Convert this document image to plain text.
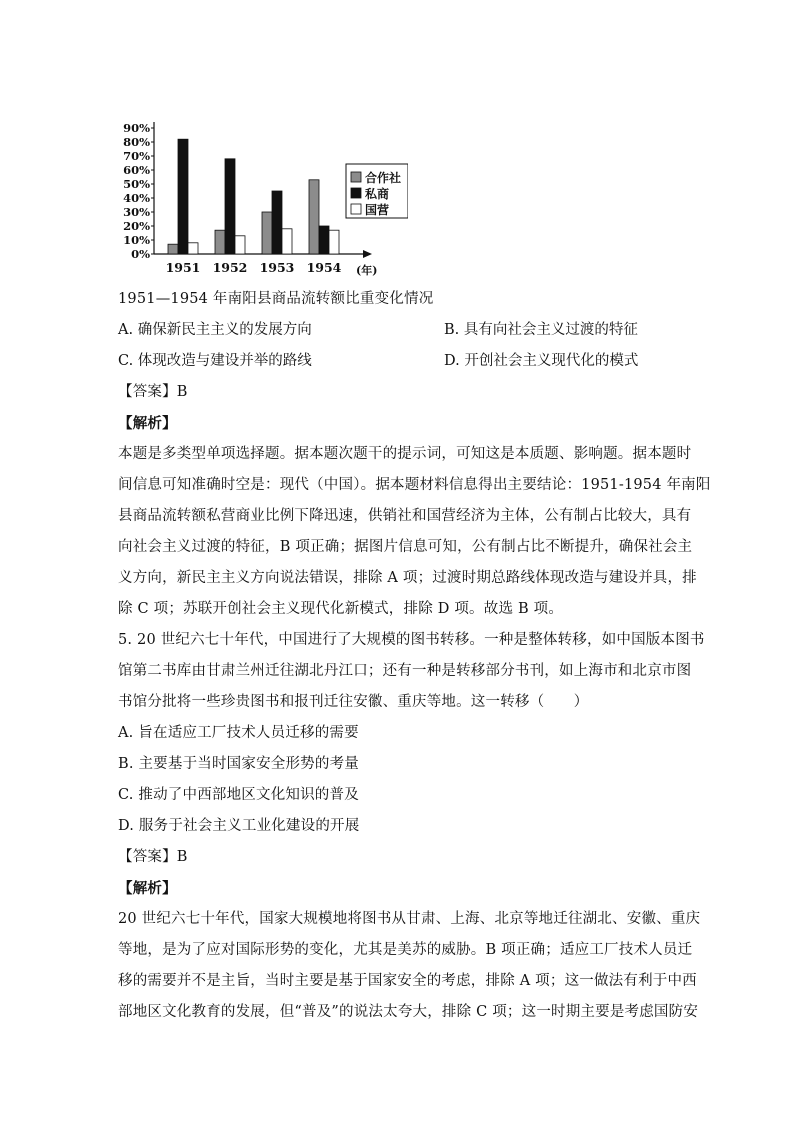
0%
10%
20%
30%
40%
50%
60%
70%
80%
90%
1951 1952 1953 1954 (年)
合作社
私商
国营
1951—1954 年南阳县商品流转额比重变化情况
A. 确保新民主主义的发展方向	B. 具有向社会主义过渡的特征
C. 体现改造与建设并举的路线	D. 开创社会主义现代化的模式
【答案】B
【解析】
本题是多类型单项选择题。据本题次题干的提示词，可知这是本质题、影响题。据本题时
间信息可知准确时空是：现代（中国）。据本题材料信息得出主要结论：1951-1954 年南阳
县商品流转额私营商业比例下降迅速，供销社和国营经济为主体，公有制占比较大，具有
向社会主义过渡的特征，B 项正确；据图片信息可知，公有制占比不断提升，确保社会主
义方向，新民主主义方向说法错误，排除 A 项；过渡时期总路线体现改造与建设并具，排
除 C 项；苏联开创社会主义现代化新模式，排除 D 项。故选 B 项。
5. 20 世纪六七十年代，中国进行了大规模的图书转移。一种是整体转移，如中国版本图书
馆第二书库由甘肃兰州迁往湖北丹江口；还有一种是转移部分书刊，如上海市和北京市图
书馆分批将一些珍贵图书和报刊迁往安徽、重庆等地。这一转移（　　）
A. 旨在适应工厂技术人员迁移的需要
B. 主要基于当时国家安全形势的考量
C. 推动了中西部地区文化知识的普及
D. 服务于社会主义工业化建设的开展
【答案】B
【解析】
20 世纪六七十年代，国家大规模地将图书从甘肃、上海、北京等地迁往湖北、安徽、重庆
等地，是为了应对国际形势的变化，尤其是美苏的威胁。B 项正确；适应工厂技术人员迁
移的需要并不是主旨，当时主要是基于国家安全的考虑，排除 A 项；这一做法有利于中西
部地区文化教育的发展，但“普及”的说法太夸大，排除 C 项；这一时期主要是考虑国防安
